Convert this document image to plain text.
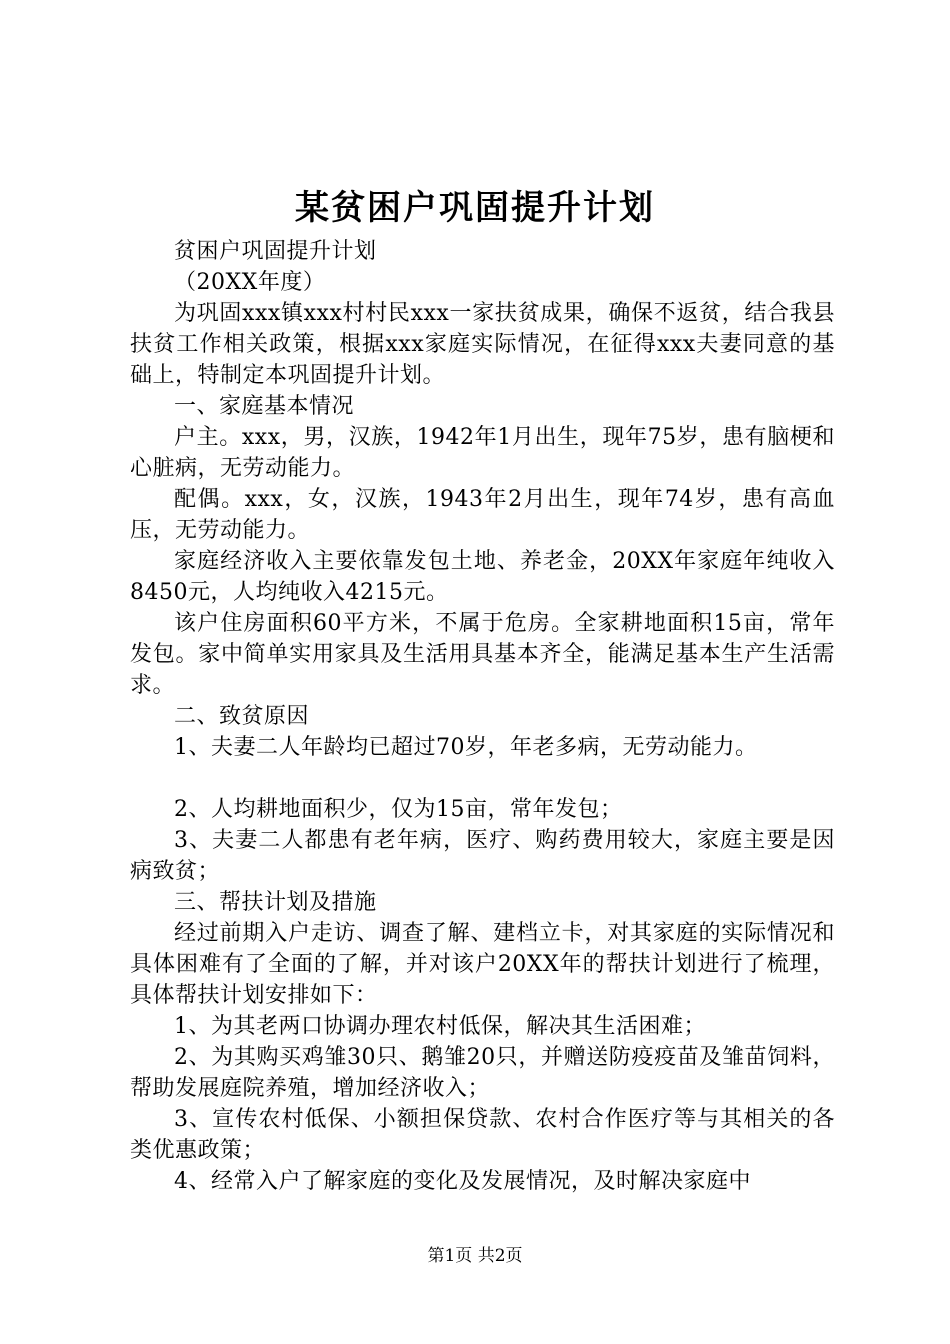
某贫困户巩固提升计划

贫困户巩固提升计划

（20XX年度）

为巩固xxx镇xxx村村民xxx一家扶贫成果，确保不返贫，结合我县扶贫工作相关政策，根据xxx家庭实际情况，在征得xxx夫妻同意的基础上，特制定本巩固提升计划。

一、家庭基本情况

户主。xxx，男，汉族，1942年1月出生，现年75岁，患有脑梗和心脏病，无劳动能力。

配偶。xxx，女，汉族，1943年2月出生，现年74岁，患有高血压，无劳动能力。

家庭经济收入主要依靠发包土地、养老金，20XX年家庭年纯收入8450元，人均纯收入4215元。

该户住房面积60平方米，不属于危房。全家耕地面积15亩，常年发包。家中简单实用家具及生活用具基本齐全，能满足基本生产生活需求。

二、致贫原因

1、夫妻二人年龄均已超过70岁，年老多病，无劳动能力。

2、人均耕地面积少，仅为15亩，常年发包；

3、夫妻二人都患有老年病，医疗、购药费用较大，家庭主要是因病致贫；

三、帮扶计划及措施

经过前期入户走访、调查了解、建档立卡，对其家庭的实际情况和具体困难有了全面的了解，并对该户20XX年的帮扶计划进行了梳理，具体帮扶计划安排如下：

1、为其老两口协调办理农村低保，解决其生活困难；

2、为其购买鸡雏30只、鹅雏20只，并赠送防疫疫苗及雏苗饲料，帮助发展庭院养殖，增加经济收入；

3、宣传农村低保、小额担保贷款、农村合作医疗等与其相关的各类优惠政策；

4、经常入户了解家庭的变化及发展情况，及时解决家庭中

第1页 共2页
